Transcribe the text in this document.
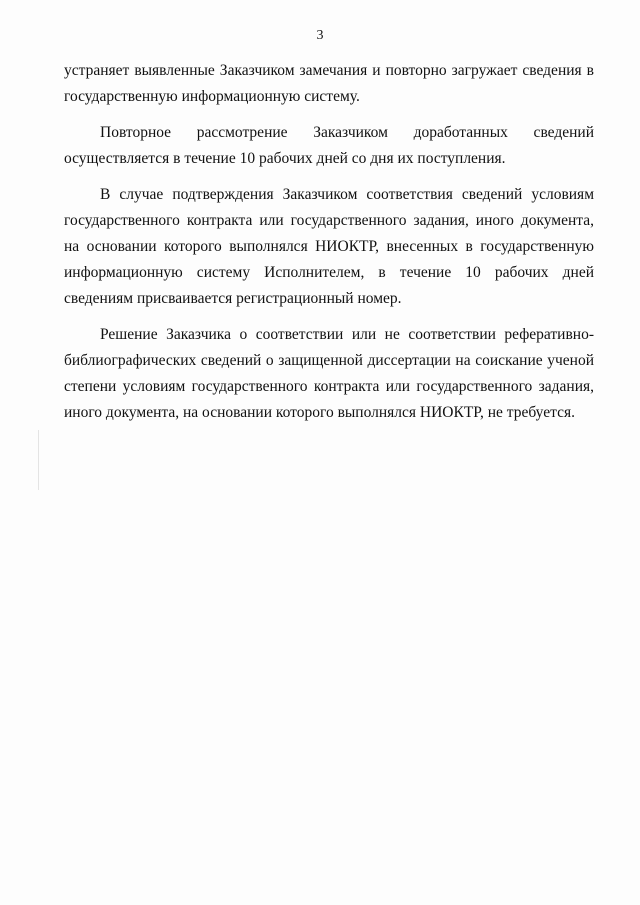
3

устраняет выявленные Заказчиком замечания и повторно загружает сведения в государственную информационную систему.

Повторное рассмотрение Заказчиком доработанных сведений осуществляется в течение 10 рабочих дней со дня их поступления.

В случае подтверждения Заказчиком соответствия сведений условиям государственного контракта или государственного задания, иного документа, на основании которого выполнялся НИОКТР, внесенных в государственную информационную систему Исполнителем, в течение 10 рабочих дней сведениям присваивается регистрационный номер.

Решение Заказчика о соответствии или не соответствии реферативно-библиографических сведений о защищенной диссертации на соискание ученой степени условиям государственного контракта или государственного задания, иного документа, на основании которого выполнялся НИОКТР, не требуется.
